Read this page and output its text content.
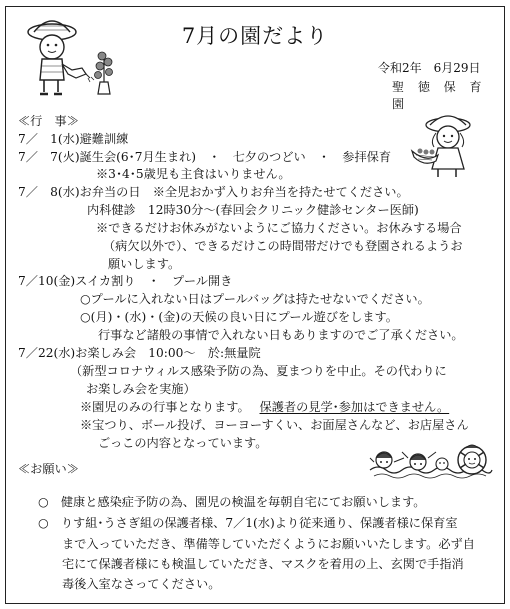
7月の園だより
令和2年　6月29日
聖 徳 保 育 園
≪行　事≫
7／　1(水)避難訓練
7／　7(火)誕生会(6･7月生まれ)　・　七夕のつどい　・　参拝保育
※3･4･5歳児も主食はいりません。
7／　8(水)お弁当の日　※全児おかず入りお弁当を持たせてください。
内科健診　12時30分～(春回会クリニック健診センター医師)
※できるだけお休みがないようにご協力ください。お休みする場合
（病欠以外で）、できるだけこの時間帯だけでも登園されるようお
願いします。
7／10(金)スイカ割り　・　プール開き
○プールに入れない日はプールバッグは持たせないでください。
○(月)・(水)・(金)の天候の良い日にプール遊びをします。
行事など諸般の事情で入れない日もありますのでご了承ください。
7／22(水)お楽しみ会　10:00～　於:無量院
（新型コロナウィルス感染予防の為、夏まつりを中止。その代わりに
お楽しみ会を実施）
※園児のみの行事となります。 保護者の見学･参加はできません。
※宝つり、ボール投げ、ヨーヨーすくい、お面屋さんなど、お店屋さん
ごっこの内容となっています。
≪お願い≫
○　健康と感染症予防の為、園児の検温を毎朝自宅にてお願いします。
○　りす組･うさぎ組の保護者様、7／1(水)より従来通り、保護者様に保育室
まで入っていただき、準備等していただくようにお願いいたします。必ず自
宅にて保護者様にも検温していただき、マスクを着用の上、玄関で手指消
毒後入室なさってください。
